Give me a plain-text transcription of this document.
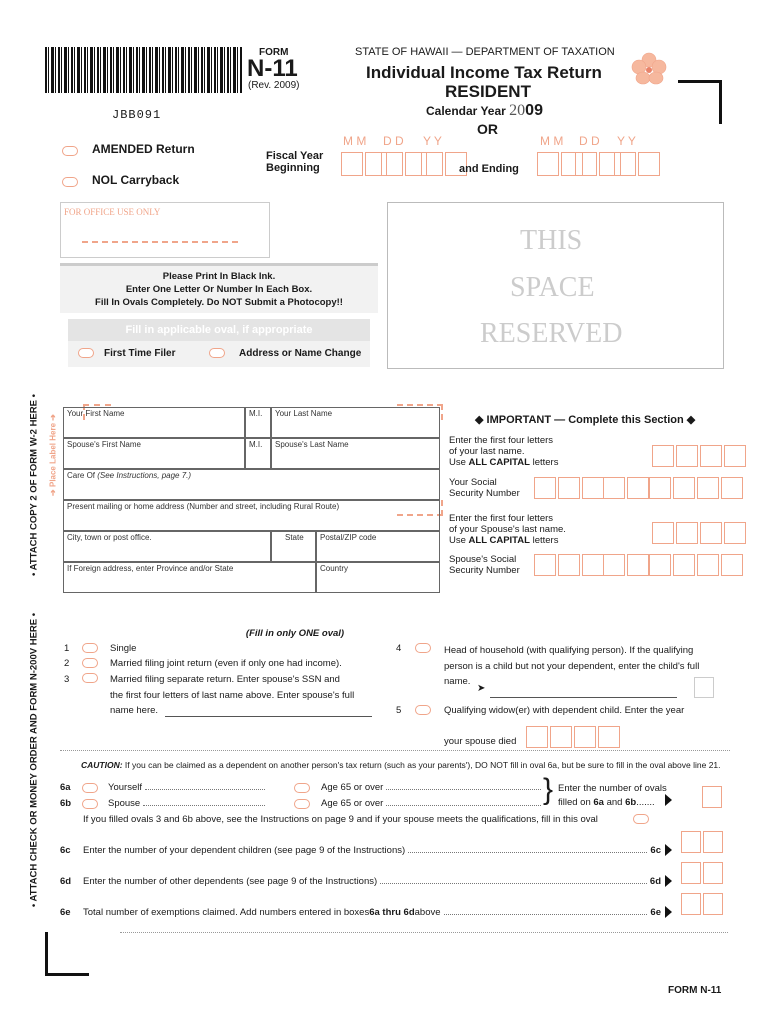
JBB091
FORM
N-11
(Rev. 2009)
STATE OF HAWAII — DEPARTMENT OF TAXATION
Individual Income Tax Return
RESIDENT
Calendar Year 2009
OR
AMENDED Return
NOL Carryback
Fiscal Year Beginning
M M D D Y Y
and Ending
M M D D Y Y
FOR OFFICE USE ONLY
THIS
SPACE
RESERVED
Please Print In Black Ink.
Enter One Letter Or Number In Each Box.
Fill In Ovals Completely. Do NOT Submit a Photocopy!!
Fill in applicable oval, if appropriate
First Time Filer	Address or Name Change
• ATTACH COPY 2 OF FORM W-2 HERE • ➔ Place Label Here ➔
• ATTACH CHECK OR MONEY ORDER AND FORM N-200V HERE •
Your First Name	M.I. Your Last Name
Spouse's First Name	M.I. Spouse's Last Name
Care Of (See Instructions, page 7.)
Present mailing or home address (Number and street, including Rural Route)
City, town or post office.	State Postal/ZIP code
If Foreign address, enter Province and/or State	Country
◆ IMPORTANT — Complete this Section ◆
Enter the first four letters
of your last name.
Use ALL CAPITAL letters
Your Social
Security Number
Enter the first four letters
of your Spouse's last name.
Use ALL CAPITAL letters
Spouse's Social
Security Number
(Fill in only ONE oval)
1	Single
2	Married filing joint return (even if only one had income).
3	Married filing separate return. Enter spouse's SSN and
the first four letters of last name above. Enter spouse's full
name here.
4	Head of household (with qualifying person). If the qualifying
person is a child but not your dependent, enter the child's full
name.
➤
5	Qualifying widow(er) with dependent child. Enter the year
your spouse died
CAUTION: If you can be claimed as a dependent on another person's tax return (such as your parents'), DO NOT fill in oval 6a, but be sure to fill in the oval above line 21.
6a	Yourself	Age 65 or over
6b	Spouse	Age 65 or over	} Enter the number of ovals
filled on 6a and 6b.......
If you filled ovals 3 and 6b above, see the Instructions on page 9 and if your spouse meets the qualifications, fill in this oval
6c Enter the number of your dependent children (see page 9 of the Instructions)	6c
6d Enter the number of other dependents (see page 9 of the Instructions)	6d
6e Total number of exemptions claimed. Add numbers entered in boxes 6a thru 6d above	6e
FORM N-11
